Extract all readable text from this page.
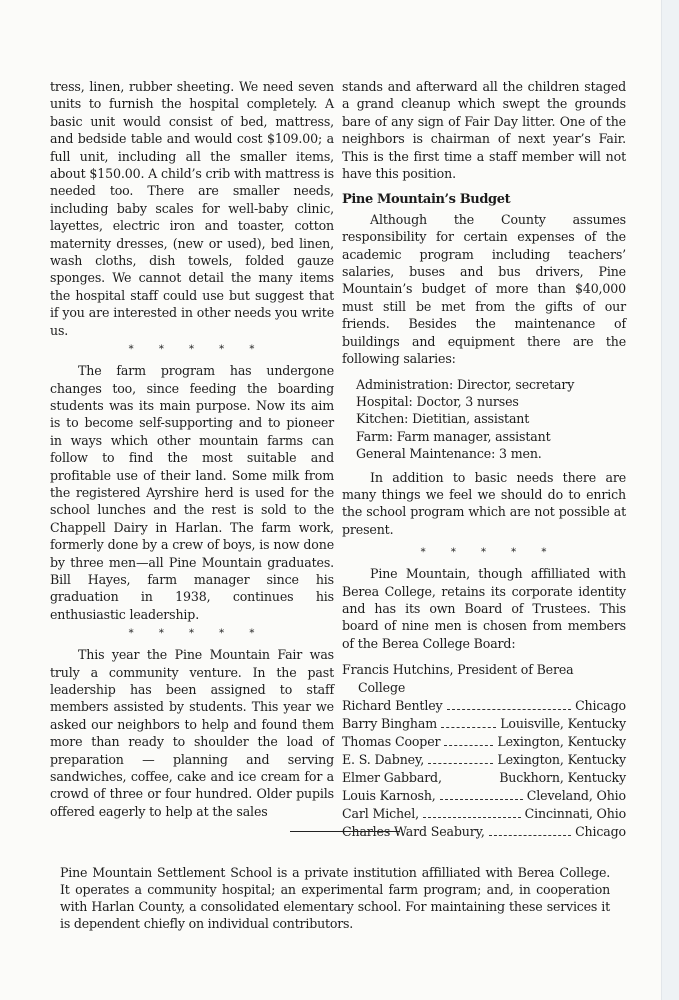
tress, linen, rubber sheeting. We need seven units to furnish the hospital completely. A basic unit would consist of bed, mattress, and bedside table and would cost $109.00; a full unit, including all the smaller items, about $150.00. A child’s crib with mattress is needed too. There are smaller needs, including baby scales for well-baby clinic, layettes, electric iron and toaster, cotton maternity dresses, (new or used), bed linen, wash cloths, dish towels, folded gauze sponges. We cannot detail the many items the hospital staff could use but suggest that if you are interested in other needs you write us.

* * * * *

The farm program has undergone changes too, since feeding the boarding students was its main purpose. Now its aim is to become self-supporting and to pioneer in ways which other mountain farms can follow to find the most suitable and profitable use of their land. Some milk from the registered Ayrshire herd is used for the school lunches and the rest is sold to the Chappell Dairy in Harlan. The farm work, formerly done by a crew of boys, is now done by three men—all Pine Mountain graduates. Bill Hayes, farm manager since his graduation in 1938, continues his enthusiastic leadership.

* * * * *

This year the Pine Mountain Fair was truly a community venture. In the past leadership has been assigned to staff members assisted by students. This year we asked our neighbors to help and found them more than ready to shoulder the load of preparation — planning and serving sandwiches, coffee, cake and ice cream for a crowd of three or four hundred. Older pupils offered eagerly to help at the sales

stands and afterward all the children staged a grand cleanup which swept the grounds bare of any sign of Fair Day litter. One of the neighbors is chairman of next year’s Fair. This is the first time a staff member will not have this position.

Pine Mountain’s Budget

Although the County assumes responsibility for certain expenses of the academic program including teachers’ salaries, buses and bus drivers, Pine Mountain’s budget of more than $40,000 must still be met from the gifts of our friends. Besides the maintenance of buildings and equipment there are the following salaries:

Administration: Director, secretary
Hospital: Doctor, 3 nurses
Kitchen: Dietitian, assistant
Farm: Farm manager, assistant
General Maintenance: 3 men.

In addition to basic needs there are many things we feel we should do to enrich the school program which are not possible at present.

* * * * *

Pine Mountain, though affilliated with Berea College, retains its corporate identity and has its own Board of Trustees. This board of nine men is chosen from members of the Berea College Board:

Francis Hutchins, President of Berea
College
Richard Bentley	Chicago
Barry Bingham	Louisville, Kentucky
Thomas Cooper	Lexington, Kentucky
E. S. Dabney,	Lexington, Kentucky
Elmer Gabbard,	Buckhorn, Kentucky
Louis Karnosh,	Cleveland, Ohio
Carl Michel,	Cincinnati, Ohio
Charles Ward Seabury,	Chicago

Pine Mountain Settlement School is a private institution affilliated with Berea College. It operates a community hospital; an experimental farm program; and, in cooperation with Harlan County, a consolidated elementary school. For maintaining these services it is dependent chiefly on individual contributors.
